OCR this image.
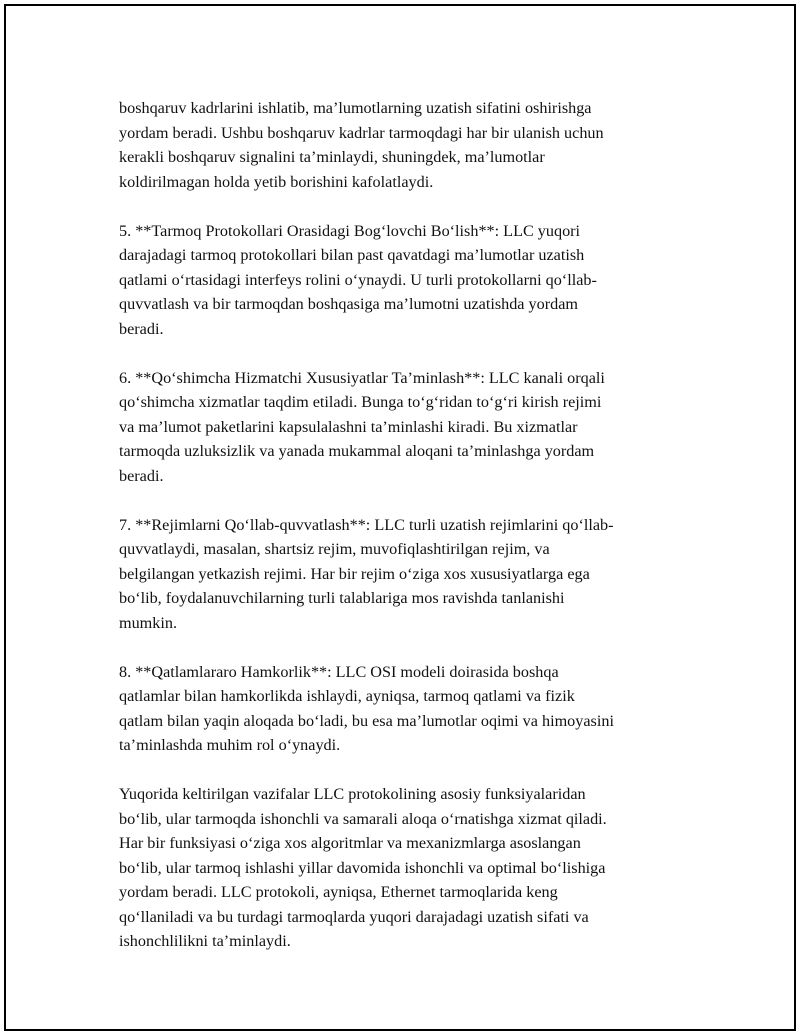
boshqaruv kadrlarini ishlatib, ma’lumotlarning uzatish sifatini oshirishga
yordam beradi. Ushbu boshqaruv kadrlar tarmoqdagi har bir ulanish uchun
kerakli boshqaruv signalini ta’minlaydi, shuningdek, ma’lumotlar
koldirilmagan holda yetib borishini kafolatlaydi.

5. **Tarmoq Protokollari Orasidagi Bog‘lovchi Bo‘lish**: LLC yuqori
darajadagi tarmoq protokollari bilan past qavatdagi ma’lumotlar uzatish
qatlami o‘rtasidagi interfeys rolini o‘ynaydi. U turli protokollarni qo‘llab-
quvvatlash va bir tarmoqdan boshqasiga ma’lumotni uzatishda yordam
beradi.

6. **Qo‘shimcha Hizmatchi Xususiyatlar Ta’minlash**: LLC kanali orqali
qo‘shimcha xizmatlar taqdim etiladi. Bunga to‘g‘ridan to‘g‘ri kirish rejimi
va ma’lumot paketlarini kapsulalashni ta’minlashi kiradi. Bu xizmatlar
tarmoqda uzluksizlik va yanada mukammal aloqani ta’minlashga yordam
beradi.

7. **Rejimlarni Qo‘llab-quvvatlash**: LLC turli uzatish rejimlarini qo‘llab-
quvvatlaydi, masalan, shartsiz rejim, muvofiqlashtirilgan rejim, va
belgilangan yetkazish rejimi. Har bir rejim o‘ziga xos xususiyatlarga ega
bo‘lib, foydalanuvchilarning turli talablariga mos ravishda tanlanishi
mumkin.

8. **Qatlamlararo Hamkorlik**: LLC OSI modeli doirasida boshqa
qatlamlar bilan hamkorlikda ishlaydi, ayniqsa, tarmoq qatlami va fizik
qatlam bilan yaqin aloqada bo‘ladi, bu esa ma’lumotlar oqimi va himoyasini
ta’minlashda muhim rol o‘ynaydi.

Yuqorida keltirilgan vazifalar LLC protokolining asosiy funksiyalaridan
bo‘lib, ular tarmoqda ishonchli va samarali aloqa o‘rnatishga xizmat qiladi.
Har bir funksiyasi o‘ziga xos algoritmlar va mexanizmlarga asoslangan
bo‘lib, ular tarmoq ishlashi yillar davomida ishonchli va optimal bo‘lishiga
yordam beradi. LLC protokoli, ayniqsa, Ethernet tarmoqlarida keng
qo‘llaniladi va bu turdagi tarmoqlarda yuqori darajadagi uzatish sifati va
ishonchlilikni ta’minlaydi.
